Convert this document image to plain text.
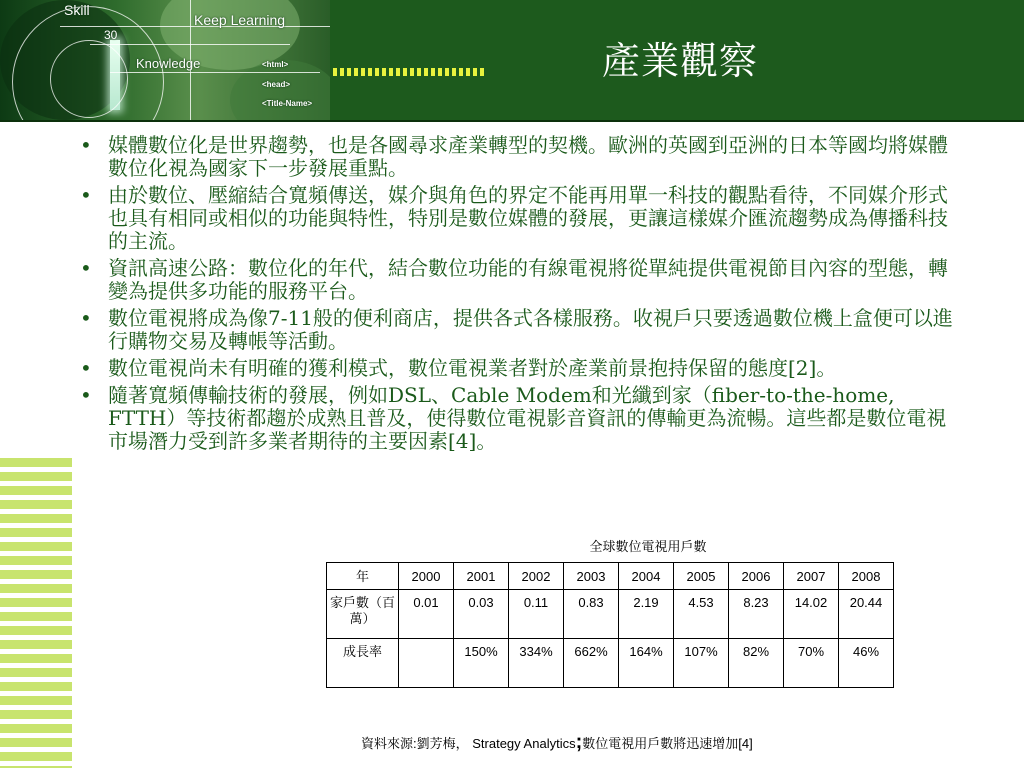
Skill
30
Keep Learning
Knowledge	<html>
<head>
<Title-Name>
產業觀察
• 媒體數位化是世界趨勢，也是各國尋求產業轉型的契機。歐洲的英國到亞洲的日本等國均將媒體數位化視為國家下一步發展重點。
• 由於數位、壓縮結合寬頻傳送，媒介與角色的界定不能再用單一科技的觀點看待，不同媒介形式也具有相同或相似的功能與特性，特別是數位媒體的發展，更讓這樣媒介匯流趨勢成為傳播科技的主流。
• 資訊高速公路：數位化的年代，結合數位功能的有線電視將從單純提供電視節目內容的型態，轉變為提供多功能的服務平台。
• 數位電視將成為像7-11般的便利商店，提供各式各樣服務。收視戶只要透過數位機上盒便可以進行購物交易及轉帳等活動。
• 數位電視尚未有明確的獲利模式，數位電視業者對於產業前景抱持保留的態度[2]。
• 隨著寬頻傳輸技術的發展，例如DSL、Cable Modem和光纖到家（fiber-to-the-home, FTTH）等技術都趨於成熟且普及，使得數位電視影音資訊的傳輸更為流暢。這些都是數位電視市場潛力受到許多業者期待的主要因素[4]。
全球數位電視用戶數
年	2000	2001	2002	2003	2004	2005	2006	2007	2008
家戶數（百萬）	0.01	0.03	0.11	0.83	2.19	4.53	8.23	14.02	20.44
成長率		150%	334%	662%	164%	107%	82%	70%	46%
資料來源:劉芳梅， Strategy Analytics;數位電視用戶數將迅速增加[4]
